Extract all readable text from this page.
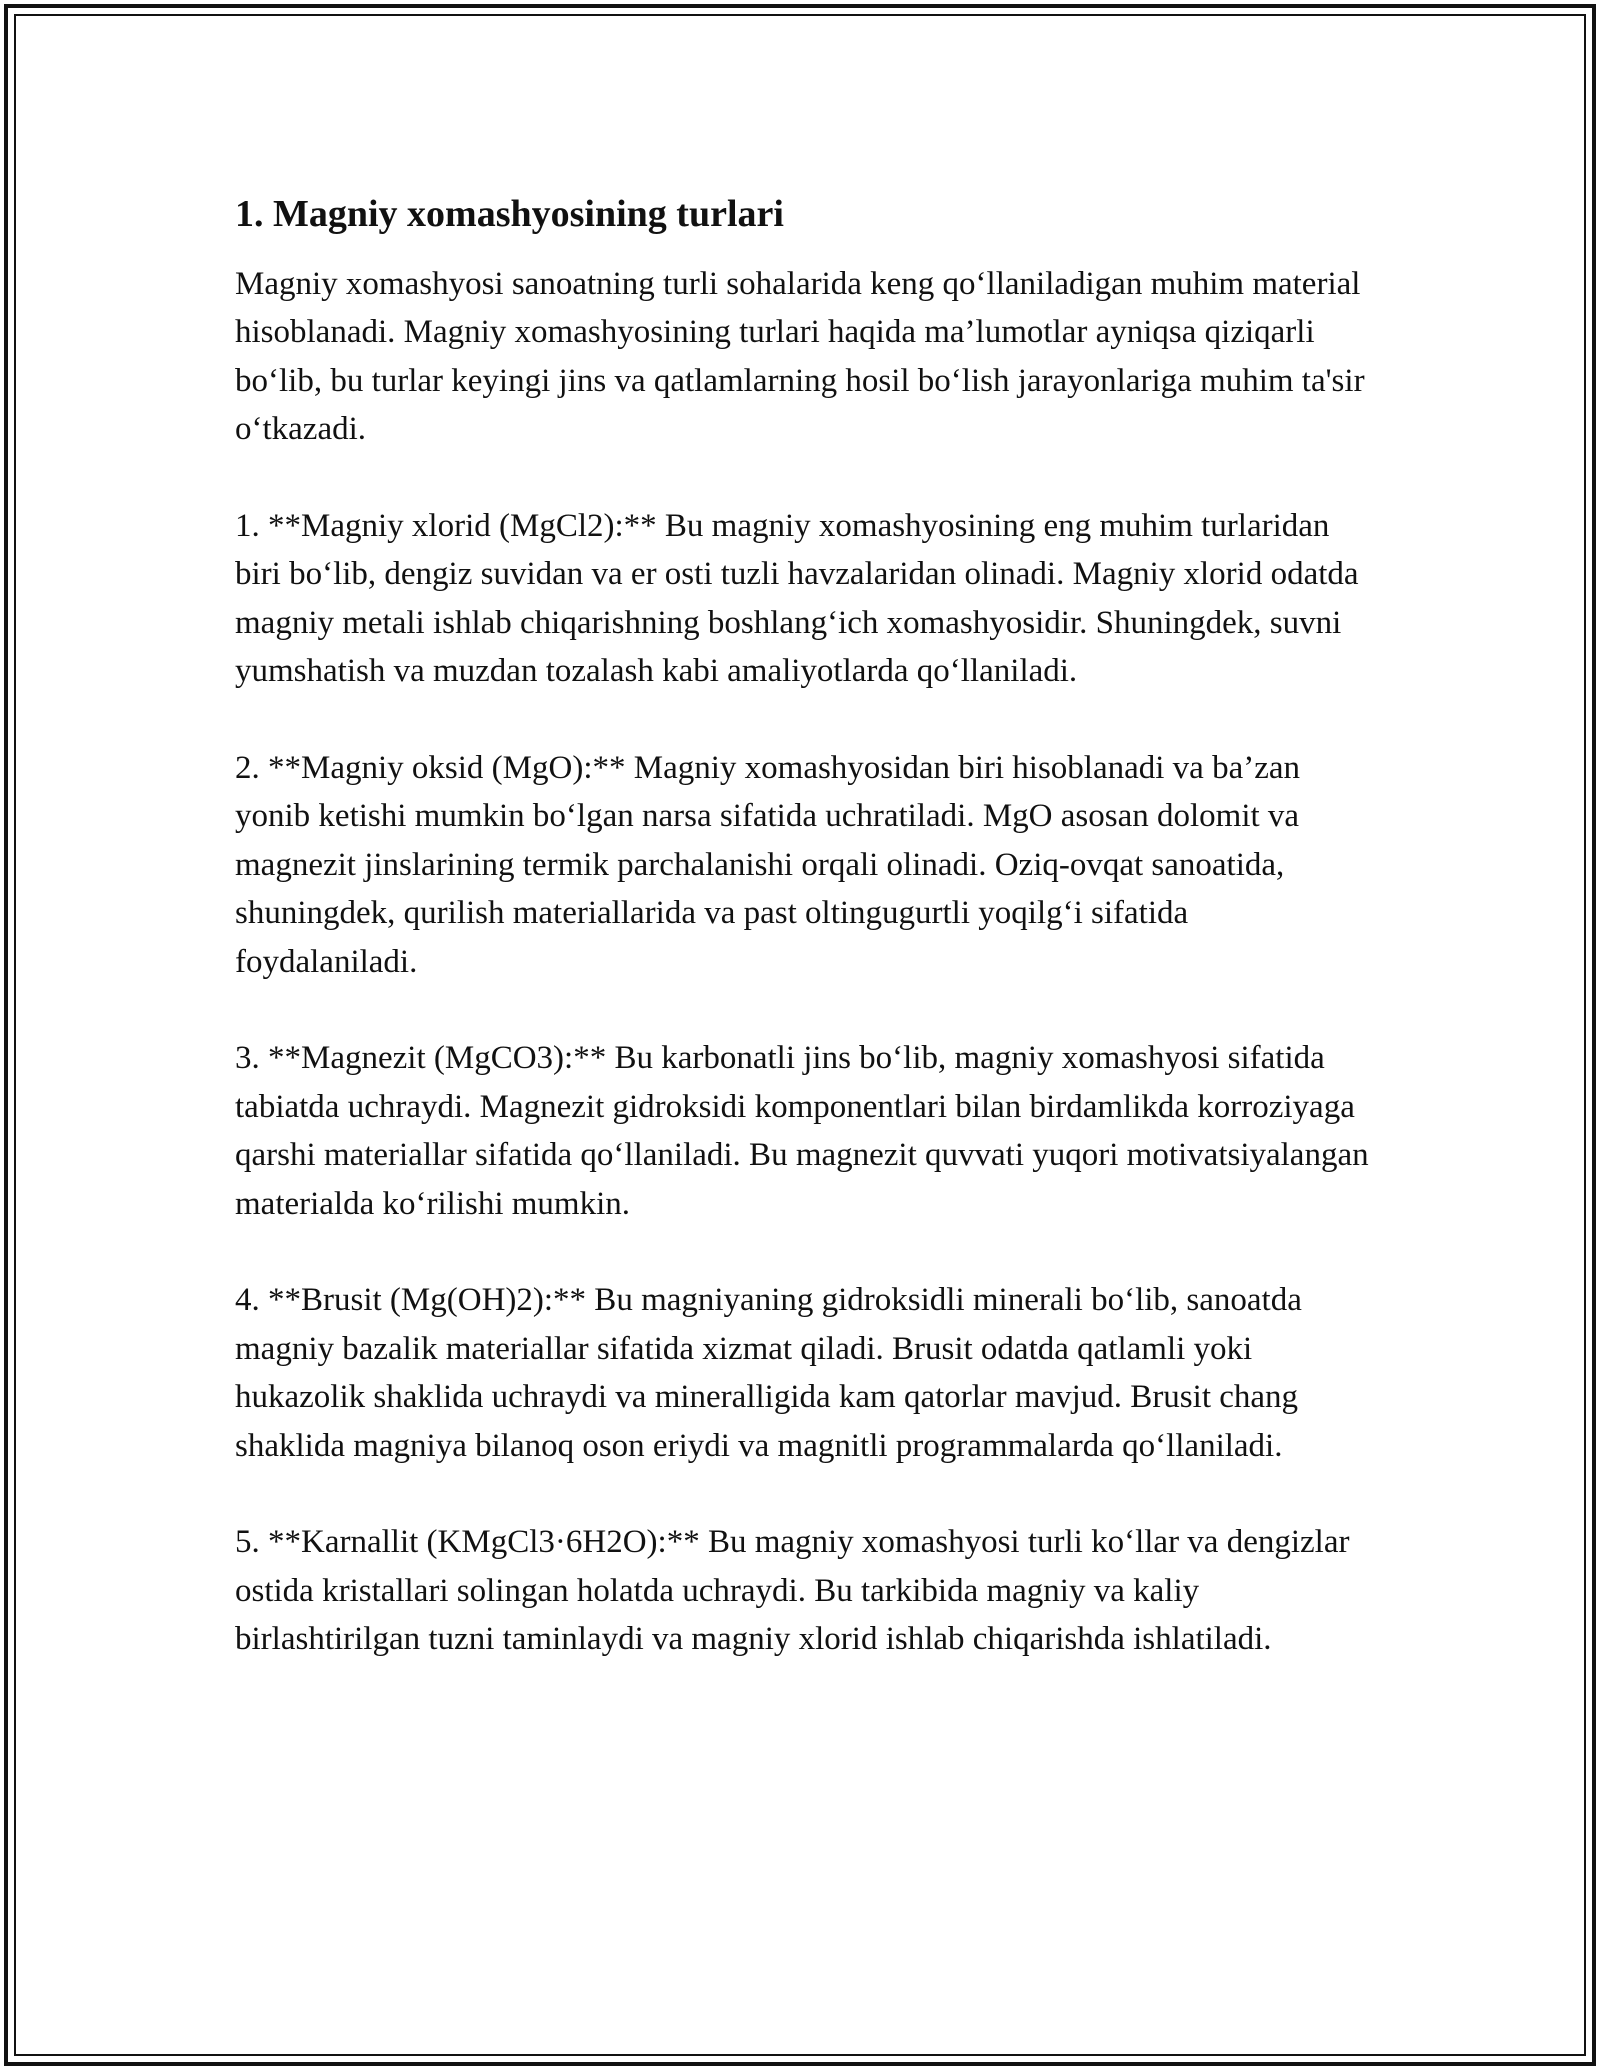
1. Magniy xomashyosining turlari

Magniy xomashyosi sanoatning turli sohalarida keng qo‘llaniladigan muhim material hisoblanadi. Magniy xomashyosining turlari haqida ma’lumotlar ayniqsa qiziqarli bo‘lib, bu turlar keyingi jins va qatlamlarning hosil bo‘lish jarayonlariga muhim ta'sir o‘tkazadi.

1. **Magniy xlorid (MgCl2):** Bu magniy xomashyosining eng muhim turlaridan biri bo‘lib, dengiz suvidan va er osti tuzli havzalaridan olinadi. Magniy xlorid odatda magniy metali ishlab chiqarishning boshlang‘ich xomashyosidir. Shuningdek, suvni yumshatish va muzdan tozalash kabi amaliyotlarda qo‘llaniladi.

2. **Magniy oksid (MgO):** Magniy xomashyosidan biri hisoblanadi va ba’zan yonib ketishi mumkin bo‘lgan narsa sifatida uchratiladi. MgO asosan dolomit va magnezit jinslarining termik parchalanishi orqali olinadi. Oziq-ovqat sanoatida, shuningdek, qurilish materiallarida va past oltingugurtli yoqilg‘i sifatida foydalaniladi.

3. **Magnezit (MgCO3):** Bu karbonatli jins bo‘lib, magniy xomashyosi sifatida tabiatda uchraydi. Magnezit gidroksidi komponentlari bilan birdamlikda korroziyaga qarshi materiallar sifatida qo‘llaniladi. Bu magnezit quvvati yuqori motivatsiyalangan materialda ko‘rilishi mumkin.

4. **Brusit (Mg(OH)2):** Bu magniyaning gidroksidli minerali bo‘lib, sanoatda magniy bazalik materiallar sifatida xizmat qiladi. Brusit odatda qatlamli yoki hukazolik shaklida uchraydi va mineralligida kam qatorlar mavjud. Brusit chang shaklida magniya bilanoq oson eriydi va magnitli programmalarda qo‘llaniladi.

5. **Karnallit (KMgCl3·6H2O):** Bu magniy xomashyosi turli ko‘llar va dengizlar ostida kristallari solingan holatda uchraydi. Bu tarkibida magniy va kaliy birlashtirilgan tuzni taminlaydi va magniy xlorid ishlab chiqarishda ishlatiladi.
